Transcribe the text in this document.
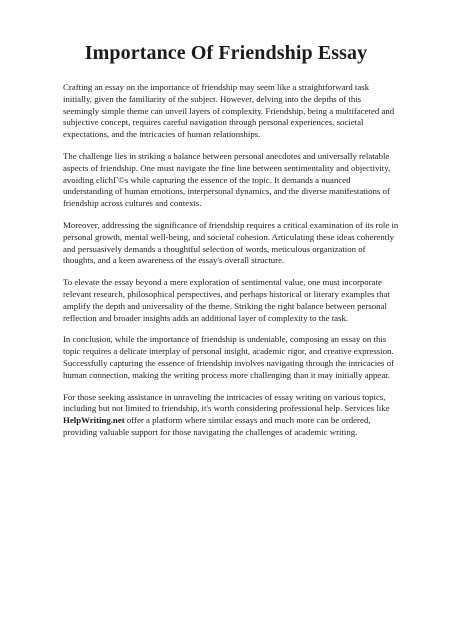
Importance Of Friendship Essay

Crafting an essay on the importance of friendship may seem like a straightforward task initially, given the familiarity of the subject. However, delving into the depths of this seemingly simple theme can unveil layers of complexity. Friendship, being a multifaceted and subjective concept, requires careful navigation through personal experiences, societal expectations, and the intricacies of human relationships.

The challenge lies in striking a balance between personal anecdotes and universally relatable aspects of friendship. One must navigate the fine line between sentimentality and objectivity, avoiding clichГ©s while capturing the essence of the topic. It demands a nuanced understanding of human emotions, interpersonal dynamics, and the diverse manifestations of friendship across cultures and contexts.

Moreover, addressing the significance of friendship requires a critical examination of its role in personal growth, mental well-being, and societal cohesion. Articulating these ideas coherently and persuasively demands a thoughtful selection of words, meticulous organization of thoughts, and a keen awareness of the essay's overall structure.

To elevate the essay beyond a mere exploration of sentimental value, one must incorporate relevant research, philosophical perspectives, and perhaps historical or literary examples that amplify the depth and universality of the theme. Striking the right balance between personal reflection and broader insights adds an additional layer of complexity to the task.

In conclusion, while the importance of friendship is undeniable, composing an essay on this topic requires a delicate interplay of personal insight, academic rigor, and creative expression. Successfully capturing the essence of friendship involves navigating through the intricacies of human connection, making the writing process more challenging than it may initially appear.

For those seeking assistance in unraveling the intricacies of essay writing on various topics, including but not limited to friendship, it's worth considering professional help. Services like HelpWriting.net offer a platform where similar essays and much more can be ordered, providing valuable support for those navigating the challenges of academic writing.
